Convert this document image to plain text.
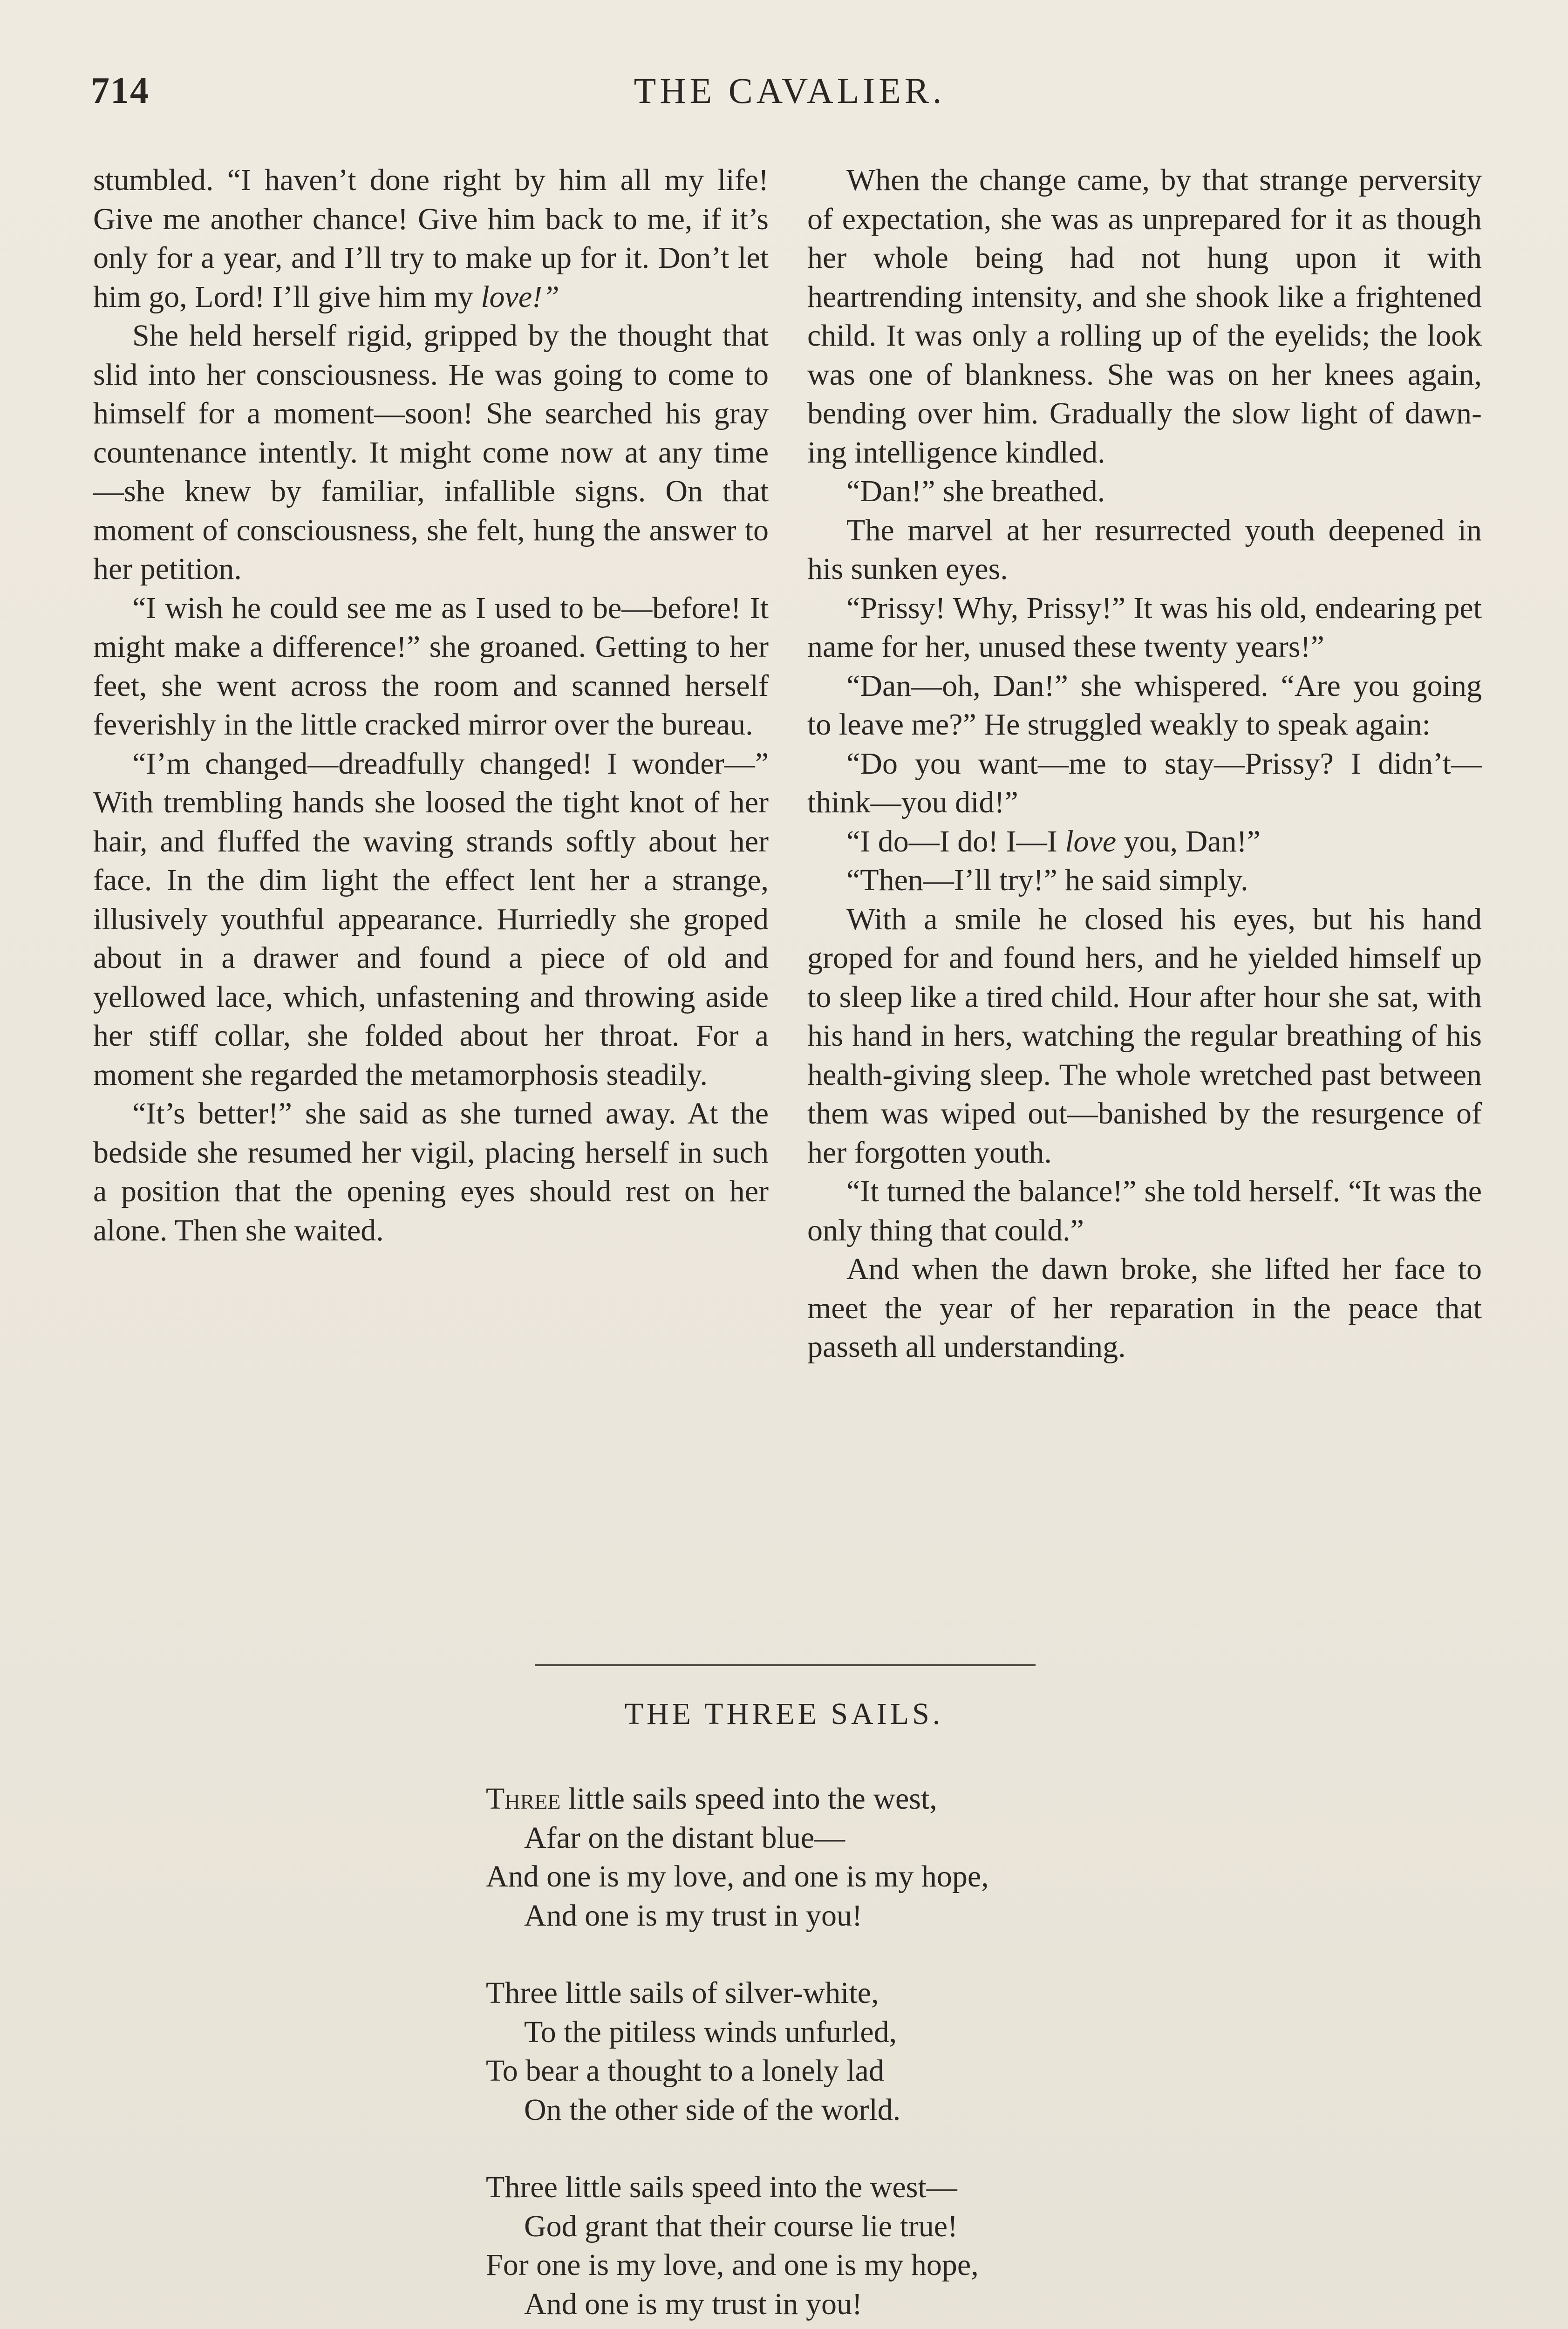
714	THE CAVALIER.

stumbled. “I haven’t done right by him all my life! Give me another chance! Give him back to me, if it’s only for a year, and I’ll try to make up for it. Don’t let him go, Lord! I’ll give him my love!”

She held herself rigid, gripped by the thought that slid into her consciousness. He was going to come to himself for a moment—soon! She searched his gray countenance intently. It might come now at any time—she knew by familiar, infallible signs. On that moment of consciousness, she felt, hung the answer to her petition.

“I wish he could see me as I used to be—before! It might make a difference!” she groaned. Getting to her feet, she went across the room and scanned herself feverishly in the little cracked mirror over the bureau.

“I’m changed—dreadfully changed! I wonder—” With trembling hands she loosed the tight knot of her hair, and fluffed the waving strands softly about her face. In the dim light the effect lent her a strange, illusively youthful appearance. Hurriedly she groped about in a drawer and found a piece of old and yellowed lace, which, unfastening and throwing aside her stiff collar, she folded about her throat. For a moment she regarded the metamorphosis steadily.

“It’s better!” she said as she turned away. At the bedside she resumed her vigil, placing herself in such a position that the opening eyes should rest on her alone. Then she waited.

When the change came, by that strange perversity of expectation, she was as unprepared for it as though her whole being had not hung upon it with heartrending intensity, and she shook like a frightened child. It was only a rolling up of the eyelids; the look was one of blankness. She was on her knees again, bending over him. Gradually the slow light of dawning intelligence kindled.

“Dan!” she breathed.

The marvel at her resurrected youth deepened in his sunken eyes.

“Prissy! Why, Prissy!” It was his old, endearing pet name for her, unused these twenty years!”

“Dan—oh, Dan!” she whispered. “Are you going to leave me?” He struggled weakly to speak again:

“Do you want—me to stay—Prissy? I didn’t—think—you did!”

“I do—I do! I—I love you, Dan!”

“Then—I’ll try!” he said simply.

With a smile he closed his eyes, but his hand groped for and found hers, and he yielded himself up to sleep like a tired child. Hour after hour she sat, with his hand in hers, watching the regular breathing of his health-giving sleep. The whole wretched past between them was wiped out—banished by the resurgence of her forgotten youth.

“It turned the balance!” she told herself. “It was the only thing that could.”

And when the dawn broke, she lifted her face to meet the year of her reparation in the peace that passeth all understanding.

THE THREE SAILS.
Three little sails speed into the west,
Afar on the distant blue—
And one is my love, and one is my hope,
And one is my trust in you!
Three little sails of silver-white,
To the pitiless winds unfurled,
To bear a thought to a lonely lad
On the other side of the world.
Three little sails speed into the west—
God grant that their course lie true!
For one is my love, and one is my hope,
And one is my trust in you!
